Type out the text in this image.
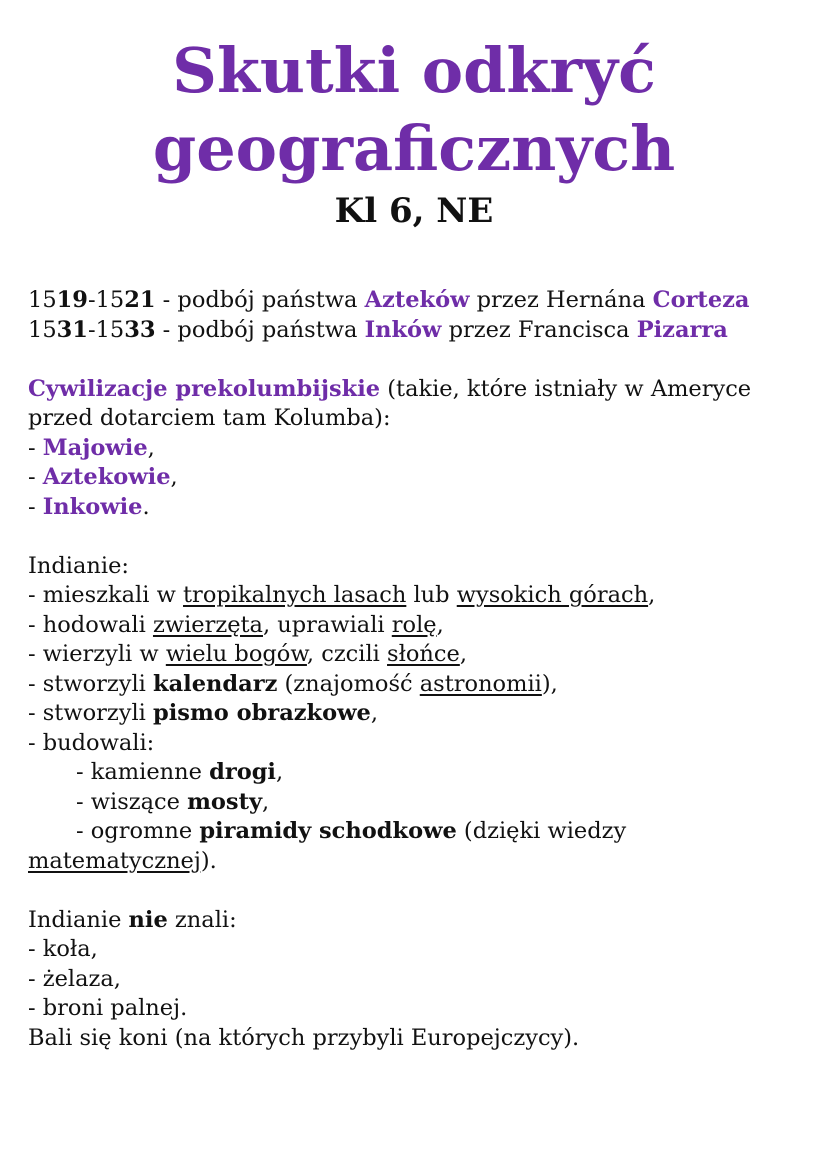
Skutki odkryć
geograficznych
Kl 6, NE
1519-1521 - podbój państwa Azteków przez Hernána Corteza
1531-1533 - podbój państwa Inków przez Francisca Pizarra
Cywilizacje prekolumbijskie (takie, które istniały w Ameryce
przed dotarciem tam Kolumba):
- Majowie,
- Aztekowie,
- Inkowie.
Indianie:
- mieszkali w tropikalnych lasach lub wysokich górach,
- hodowali zwierzęta, uprawiali rolę,
- wierzyli w wielu bogów, czcili słońce,
- stworzyli kalendarz (znajomość astronomii),
- stworzyli pismo obrazkowe,
- budowali:
- kamienne drogi,
- wiszące mosty,
- ogromne piramidy schodkowe (dzięki wiedzy
matematycznej).
Indianie nie znali:
- koła,
- żelaza,
- broni palnej.
Bali się koni (na których przybyli Europejczycy).
